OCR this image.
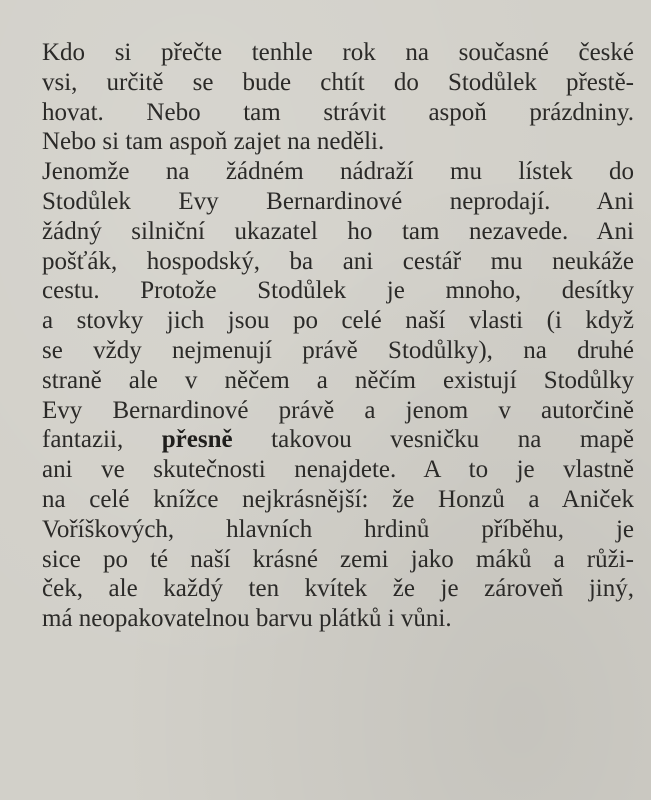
Kdo si přečte tenhle rok na současné české
vsi, určitě se bude chtít do Stodůlek přestě-
hovat. Nebo tam strávit aspoň prázdniny.
Nebo si tam aspoň zajet na neděli.
Jenomže na žádném nádraží mu lístek do
Stodůlek Evy Bernardinové neprodají. Ani
žádný silniční ukazatel ho tam nezavede. Ani
pošťák, hospodský, ba ani cestář mu neukáže
cestu. Protože Stodůlek je mnoho, desítky
a stovky jich jsou po celé naší vlasti (i když
se vždy nejmenují právě Stodůlky), na druhé
straně ale v něčem a něčím existují Stodůlky
Evy Bernardinové právě a jenom v autorčině
fantazii, přesně takovou vesničku na mapě
ani ve skutečnosti nenajdete. A to je vlastně
na celé knížce nejkrásnější: že Honzů a Aniček
Voříškových, hlavních hrdinů příběhu, je
sice po té naší krásné zemi jako máků a růži-
ček, ale každý ten kvítek že je zároveň jiný,
má neopakovatelnou barvu plátků i vůni.
